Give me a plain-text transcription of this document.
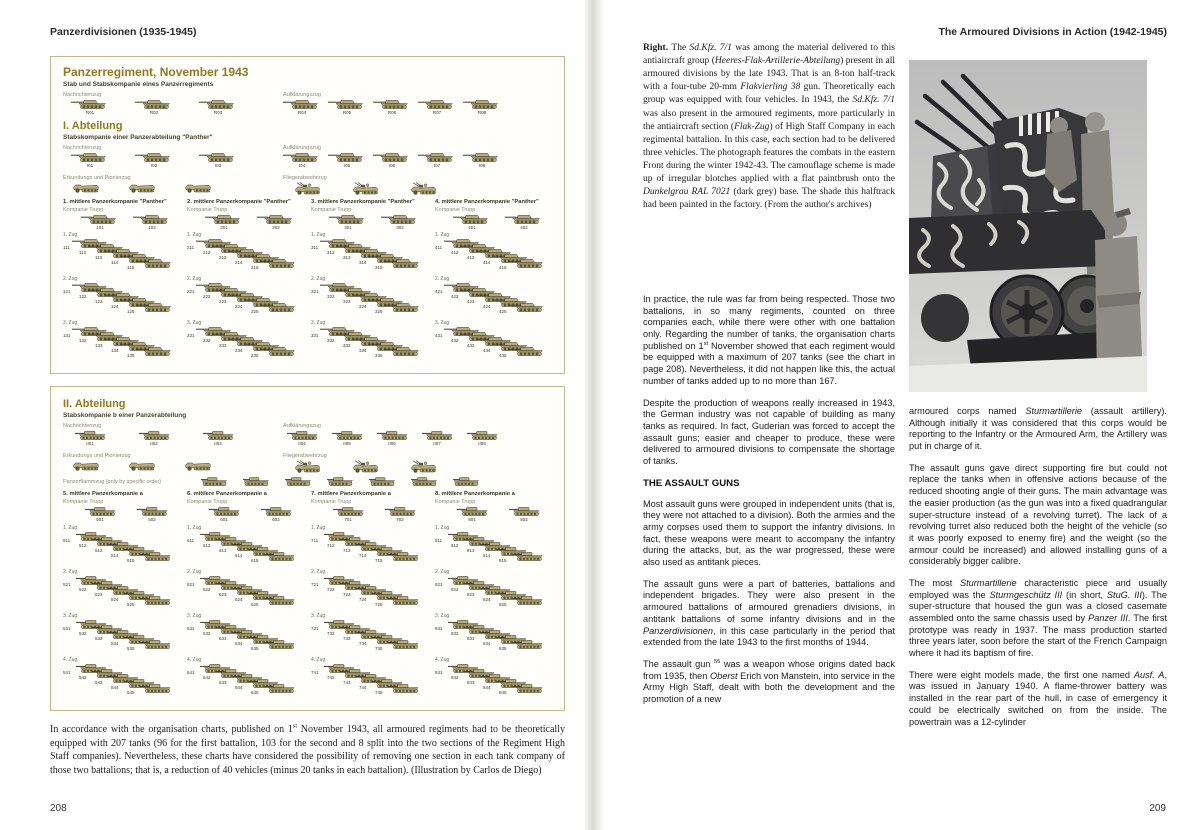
Panzerdivisionen (1935-1945)
Panzerregiment, November 1943
Stab und Stabskompanie eines Panzerregiments
Nachrichtenzug
R01	R02	R03
Aufklärungszug
R04	R05	R06	R07	R08
I. Abteilung
Stabskompanie einer Panzerabteilung "Panther"
Nachrichtenzug
I01	I02	I03
Aufklärungszug
I04	I05	I06	I07	I08
Erkundungs und Pionierzug	Fliegerabwehrzug
1. mittlere Panzerkompanie "Panther"
Kompanie Trupp
101	102
1. Zug
111
112
113
114
115
2. Zug
121
122
123
124
125
3. Zug
131
132
133
134
135
2. mittlere Panzerkompanie "Panther"
Kompanie Trupp
201	202
1. Zug
211
212
213
214
215
2. Zug
221
222
223
224
225
3. Zug
231
232
233
234
235
3. mittlere Panzerkompanie "Panther"
Kompanie Trupp
301	302
1. Zug
311
312
313
314
315
2. Zug
321
322
323
324
325
3. Zug
331
332
333
334
335
4. mittlere Panzerkompanie "Panther"
Kompanie Trupp
401	402
1. Zug
411
412
413
414
415
2. Zug
421
422
423
424
425
3. Zug
431
432
433
434
435
II. Abteilung
Stabskompanie b einer Panzerabteilung
Nachrichtenzug
II01	II02	II03
Aufklärungszug
II04	II05	II06	II07	II08
Erkundungs und Pionierzug	Fliegerabwehrzug
Panzerflammzug (only by specific order)
5. mittlere Panzerkompanie a
Kompanie Trupp
501	502
1. Zug
511
512
513
514
515
2. Zug
521
522
523
524
525
3. Zug
531
532
533
534
535
4. Zug
541
542
543
544
545
6. mittlere Panzerkompanie a
Kompanie Trupp
601	602
1. Zug
611
612
613
614
615
2. Zug
621
622
623
624
625
3. Zug
631
632
633
634
635
4. Zug
641
642
643
644
645
7. mittlere Panzerkompanie a
Kompanie Trupp
701	702
1. Zug
711
712
713
714
715
2. Zug
721
722
723
724
725
3. Zug
731
732
733
734
735
4. Zug
741
742
743
744
745
8. mittlere Panzerkompanie a
Kompanie Trupp
801	802
1. Zug
811
812
813
814
815
2. Zug
821
822
823
824
825
3. Zug
831
832
833
834
835
4. Zug
841
842
843
844
845
In accordance with the organisation charts, published on 1st November 1943, all armoured regiments had to be theoretically equipped with 207 tanks (96 for the first battalion, 103 for the second and 8 split into the two sections of the Regiment High Staff companies). Nevertheless, these charts have considered the possibility of removing one section in each tank company of those two battalions; that is, a reduction of 40 vehicles (minus 20 tanks in each battalion). (Illustration by Carlos de Diego)
208
The Armoured Divisions in Action (1942-1945)
Right. The Sd.Kfz. 7/1 was among the material delivered to this antiaircraft group (Heeres-Flak-Artillerie-Abteilung) present in all armoured divisions by the late 1943. That is an 8-ton half-track with a four-tube 20-mm Flakvierling 38 gun. Theoretically each group was equipped with four vehicles. In 1943, the Sd.Kfz. 7/1 was also present in the armoured regiments, more particularly in the antiaircraft section (Flak-Zug) of High Staff Company in each regimental battalion. In this case, each section had to be delivered three vehicles. The photograph features the combats in the eastern Front during the winter 1942-43. The camouflage scheme is made up of irregular blotches applied with a flat paintbrush onto the Dunkelgrau RAL 7021 (dark grey) base. The shade this halftrack had been painted in the factory. (From the author's archives)

In practice, the rule was far from being respected. Those two battalions, in so many regiments, counted on three companies each, while there were other with one battalion only. Regarding the number of tanks, the organisation charts published on 1st November showed that each regiment would be equipped with a maximum of 207 tanks (see the chart in page 208). Nevertheless, it did not happen like this, the actual number of tanks added up to no more than 167.

Despite the production of weapons really increased in 1943, the German industry was not capable of building as many tanks as required. In fact, Guderian was forced to accept the assault guns; easier and cheaper to produce, these were delivered to armoured divisions to compensate the shortage of tanks.

THE ASSAULT GUNS

Most assault guns were grouped in independent units (that is, they were not attached to a division). Both the armies and the army corpses used them to support the infantry divisions. In fact, these weapons were meant to accompany the infantry during the attacks, but, as the war progressed, these were also used as antitank pieces.

The assault guns were a part of batteries, battalions and independent brigades. They were also present in the armoured battalions of armoured grenadiers divisions, in antitank battalions of some infantry divisions and in the Panzerdivisionen, in this case particularly in the period that extended from the late 1943 to the first months of 1944.

The assault gun $^{55}$ was a weapon whose origins dated back from 1935, then Oberst Erich von Manstein, into service in the Army High Staff, dealt with both the development and the promotion of a new

armoured corps named Sturmartillerie (assault artillery). Although initially it was considered that this corps would be reporting to the Infantry or the Armoured Arm, the Artillery was put in charge of it.

The assault guns gave direct supporting fire but could not replace the tanks when in offensive actions because of the reduced shooting angle of their guns. The main advantage was the easier production (as the gun was into a fixed quadrangular super-structure instead of a revolving turret). The lack of a revolving turret also reduced both the height of the vehicle (so it was poorly exposed to enemy fire) and the weight (so the armour could be increased) and allowed installing guns of a considerably bigger calibre.

The most Sturmartillerie characteristic piece and usually employed was the Sturmgeschütz III (in short, StuG. III). The super-structure that housed the gun was a closed casemate assembled onto the same chassis used by Panzer III. The first prototype was ready in 1937. The mass production started three years later, soon before the start of the French Campaign where it had its baptism of fire.

There were eight models made, the first one named Ausf. A, was issued in January 1940. A flame-thrower battery was installed in the rear part of the hull, in case of emergency it could be electrically switched on from the inside. The powertrain was a 12-cylinder

209
